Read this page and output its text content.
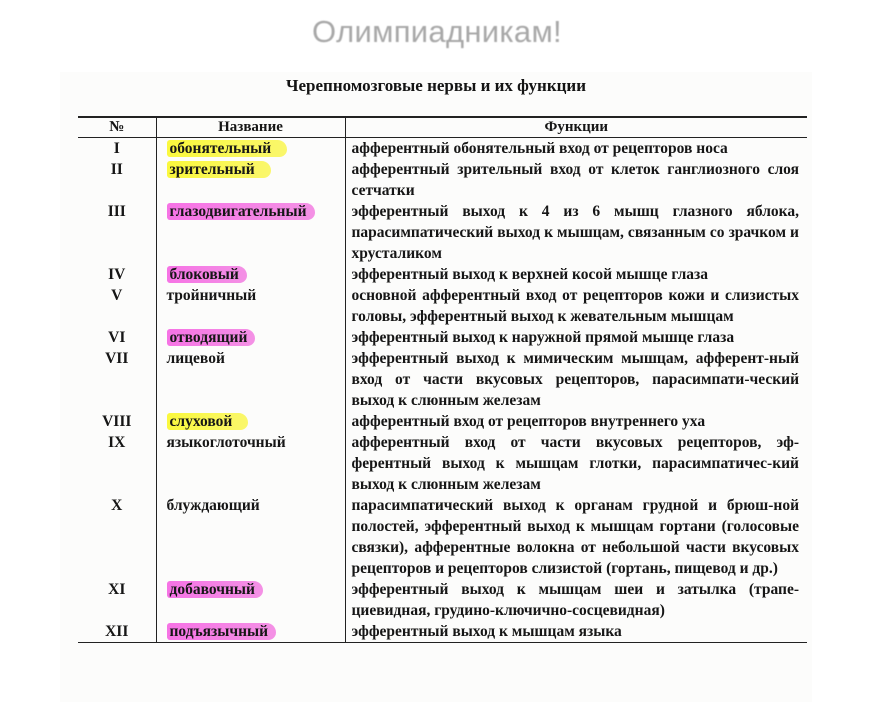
Олимпиадникам!
Черепномозговые нервы и их функции
№	Название	Функции
I	обонятельный	афферентный обонятельный вход от рецепторов носа
II	зрительный	афферентный зрительный вход от клеток ганглиозного слоя сетчатки
III	глазодвигательный	эфферентный выход к 4 из 6 мышц глазного яблока, парасимпатический выход к мышцам, связанным со зрачком и хрусталиком
IV	блоковый	эфферентный выход к верхней косой мышце глаза
V	тройничный	основной афферентный вход от рецепторов кожи и слизистых головы, эфферентный выход к жевательным мышцам
VI	отводящий	эфферентный выход к наружной прямой мышце глаза
VII	лицевой	эфферентный выход к мимическим мышцам, афферент-ный вход от части вкусовых рецепторов, парасимпати-ческий выход к слюнным железам
VIII	слуховой	афферентный вход от рецепторов внутреннего уха
IX	языкоглоточный	афферентный вход от части вкусовых рецепторов, эф-ферентный выход к мышцам глотки, парасимпатичес-кий выход к слюнным железам
X	блуждающий	парасимпатический выход к органам грудной и брюш-ной полостей, эфферентный выход к мышцам гортани (голосовые связки), афферентные волокна от небольшой части вкусовых рецепторов и рецепторов слизистой (гортань, пищевод и др.)
XI	добавочный	эфферентный выход к мышцам шеи и затылка (трапе-циевидная, грудино-ключично-сосцевидная)
XII	подъязычный	эфферентный выход к мышцам языка
